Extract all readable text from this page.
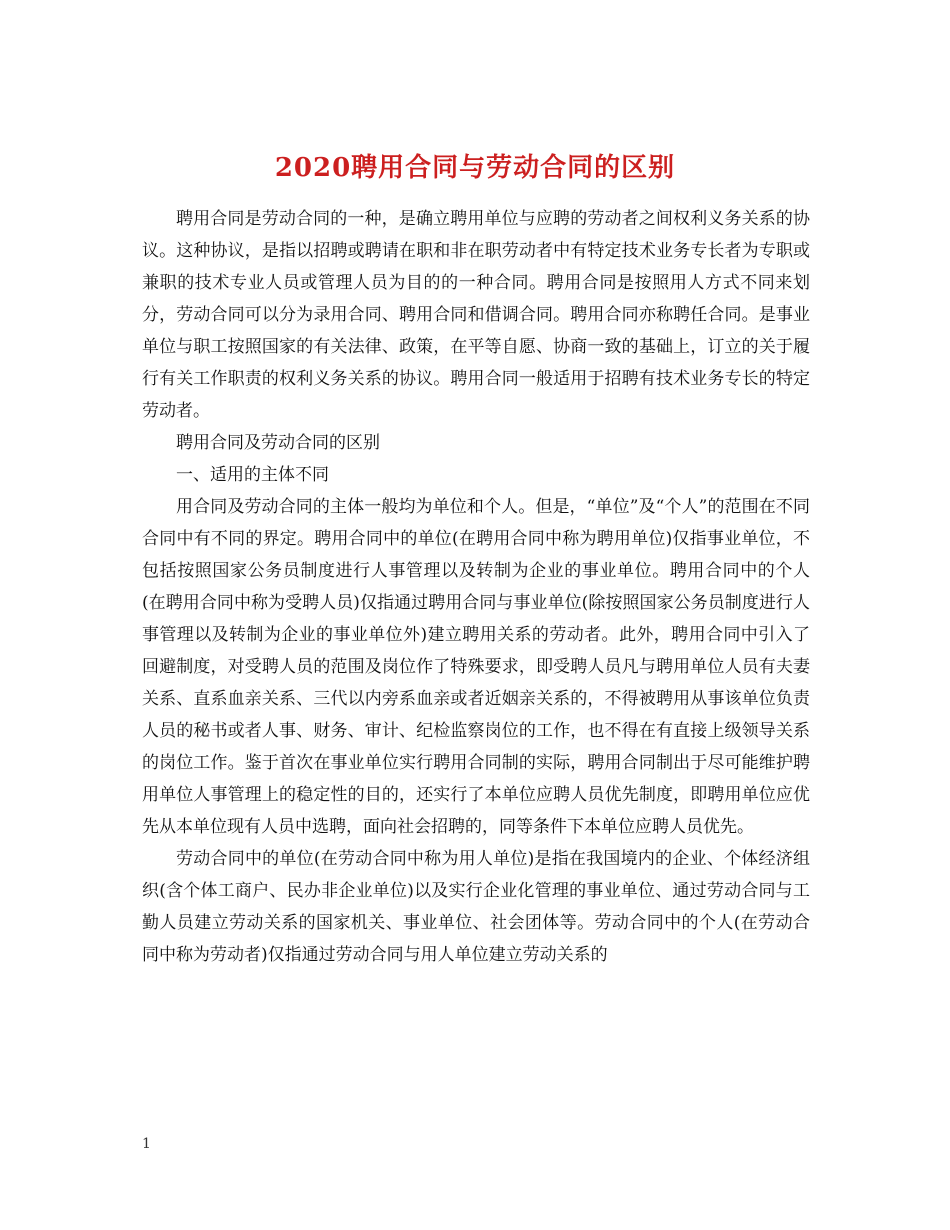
2020聘用合同与劳动合同的区别

聘用合同是劳动合同的一种，是确立聘用单位与应聘的劳动者之间权利义务关系的协议。这种协议，是指以招聘或聘请在职和非在职劳动者中有特定技术业务专长者为专职或兼职的技术专业人员或管理人员为目的的一种合同。聘用合同是按照用人方式不同来划分，劳动合同可以分为录用合同、聘用合同和借调合同。聘用合同亦称聘任合同。是事业单位与职工按照国家的有关法律、政策，在平等自愿、协商一致的基础上，订立的关于履行有关工作职责的权利义务关系的协议。聘用合同一般适用于招聘有技术业务专长的特定劳动者。

聘用合同及劳动合同的区别

一、适用的主体不同

用合同及劳动合同的主体一般均为单位和个人。但是，“单位”及“个人”的范围在不同合同中有不同的界定。聘用合同中的单位(在聘用合同中称为聘用单位)仅指事业单位，不包括按照国家公务员制度进行人事管理以及转制为企业的事业单位。聘用合同中的个人(在聘用合同中称为受聘人员)仅指通过聘用合同与事业单位(除按照国家公务员制度进行人事管理以及转制为企业的事业单位外)建立聘用关系的劳动者。此外，聘用合同中引入了回避制度，对受聘人员的范围及岗位作了特殊要求，即受聘人员凡与聘用单位人员有夫妻关系、直系血亲关系、三代以内旁系血亲或者近姻亲关系的，不得被聘用从事该单位负责人员的秘书或者人事、财务、审计、纪检监察岗位的工作，也不得在有直接上级领导关系的岗位工作。鉴于首次在事业单位实行聘用合同制的实际，聘用合同制出于尽可能维护聘用单位人事管理上的稳定性的目的，还实行了本单位应聘人员优先制度，即聘用单位应优先从本单位现有人员中选聘，面向社会招聘的，同等条件下本单位应聘人员优先。

劳动合同中的单位(在劳动合同中称为用人单位)是指在我国境内的企业、个体经济组织(含个体工商户、民办非企业单位)以及实行企业化管理的事业单位、通过劳动合同与工勤人员建立劳动关系的国家机关、事业单位、社会团体等。劳动合同中的个人(在劳动合同中称为劳动者)仅指通过劳动合同与用人单位建立劳动关系的

1
